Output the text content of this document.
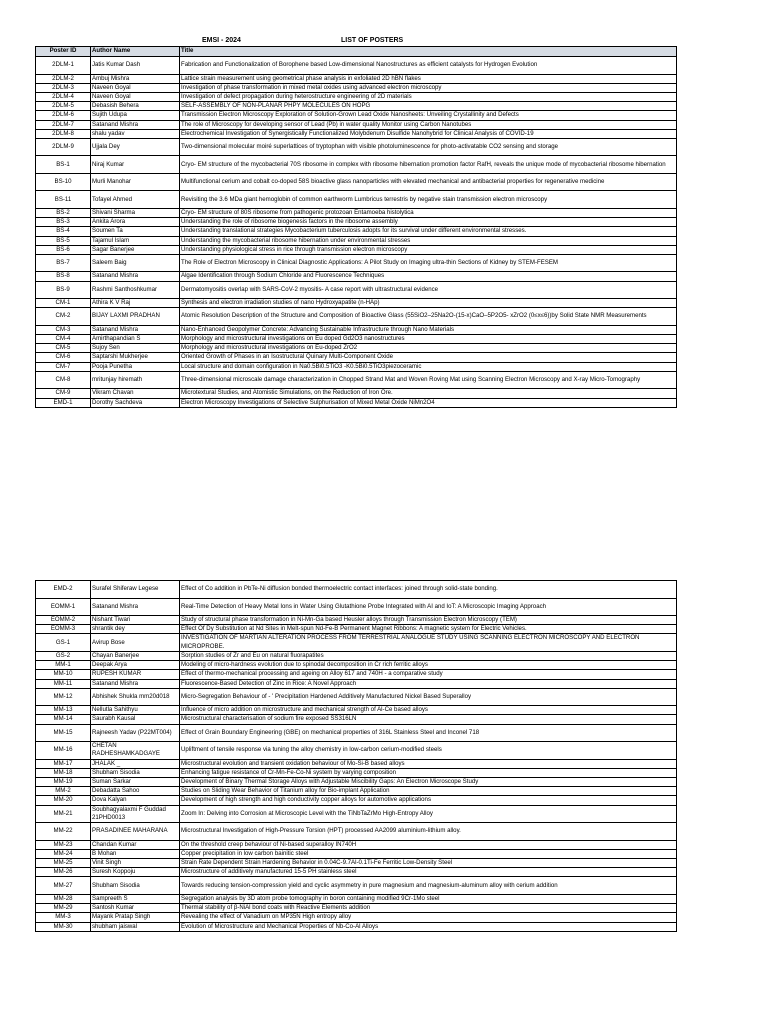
EMSI - 2024	LIST OF POSTERS
Poster ID	Author Name	Title
2DLM-1	Jatis Kumar Dash	Fabrication and Functionalization of Borophene based Low-dimensional Nanostructures as efficient catalysts for Hydrogen Evolution
2DLM-2	Ambuj Mishra	Lattice strain measurement using geometrical phase analysis in exfoliated 2D hBN flakes
2DLM-3	Naveen Goyal	Investigation of phase transformation in mixed metal oxides using advanced electron microscopy
2DLM-4	Naveen Goyal	Investigation of defect propagation during heterostructure engineering of 2D materials
2DLM-5	Debasish Behera	SELF-ASSEMBLY OF NON-PLANAR PHPY MOLECULES ON HOPG
2DLM-6	Sujith Udupa	Transmission Electron Microscopy Exploration of Solution-Grown Lead Oxide Nanosheets: Unveiling Crystallinity and Defects
2DLM-7	Satanand Mishra	The role of Microscopy for developing sensor of Lead (Pb) in water quality Monitor using Carbon Nanotubes
2DLM-8	shalu yadav	Electrochemical Investigation of Synergistically Functionalized Molybdenum Disulfide Nanohybrid for Clinical Analysis of COVID-19
2DLM-9	Ujjala Dey	Two-dimensional molecular moiré superlattices of tryptophan with visible photoluminescence for photo-activatable CO2 sensing and storage
BS-1	Niraj Kumar	Cryo- EM structure of the mycobacterial 70S ribosome in complex with ribosome hibernation promotion factor RafH, reveals the unique mode of mycobacterial ribosome hibernation
BS-10	Murli Manohar	Multifunctional cerium and cobalt co-doped 58S bioactive glass nanoparticles with elevated mechanical and antibacterial properties for regenerative medicine
BS-11	Tofayel Ahmed	Revisiting the 3.6 MDa giant hemoglobin of common earthworm Lumbricus terrestris by negative stain transmission electron microscopy
BS-2	Shivani Sharma	Cryo- EM structure of 80S ribosome from pathogenic protozoan Entamoeba histolytica
BS-3	Ankita Arora	Understanding the role of ribosome biogenesis factors in the ribosome assembly
BS-4	Soumen Ta	Understanding translational strategies Mycobacterium tuberculosis adopts for its survival under different environmental stresses.
BS-5	Tajamul Islam	Understanding the mycobacterial ribosome hibernation under environmental stresses
BS-6	Sagar Banerjee	Understanding physiological stress in rice through transmission electron microscopy
BS-7	Saleem Baig	The Role of Electron Microscopy in Clinical Diagnostic Applications: A Pilot Study on Imaging ultra-thin Sections of Kidney by STEM-FESEM
BS-8	Satanand Mishra	Algae Identification through Sodium Chloride and Fluorescence Techniques
BS-9	Rashmi Santhoshkumar	Dermatomyositis overlap with SARS-CoV-2 myositis- A case report with ultrastructural evidence
CM-1	Athira K V Raj	Synthesis and electron irradiation studies of nano Hydroxyapatite (n-HAp)
CM-2	BIJAY LAXMI PRADHAN	Atomic Resolution Description of the Structure and Composition of Bioactive Glass (55SiO2–25Na2O-(15-x)CaO–5P2O5- xZrO2 (0≤x≤6))by Solid State NMR Measurements
CM-3	Satanand Mishra	Nano-Enhanced Geopolymer Concrete: Advancing Sustainable Infrastructure through Nano Materials
CM-4	Amirthapandian S	Morphology and microstructural investigations on Eu doped Gd2O3 nanostructures
CM-5	Sujoy Sen	Morphology and microstructural investigations on Eu-doped ZrO2
CM-6	Saptarshi Mukherjee	Oriented Growth of Phases in an Isostructural Quinary Multi-Component Oxide
CM-7	Pooja Punetha	Local structure and domain configuration in Na0.5Bi0.5TiO3 -K0.5Bi0.5TiO3piezoceramic
CM-8	mritunjay hiremath	Three-dimensional microscale damage characterization in Chopped Strand Mat and Woven Roving Mat using Scanning Electron Microscopy and X-ray Micro-Tomography
CM-9	Vikram Chavan	Microtextural Studies, and Atomistic Simulations, on the Reduction of Iron Ore.
EMD-1	Dorothy Sachdeva	Electron Microscopy Investigations of Selective Sulphurisation of Mixed Metal Oxide NiMn2O4
EMD-2	Surafel Shiferaw Legese	Effect of Co addition in PbTe-Ni diffusion bonded thermoelectric contact interfaces: joined through solid-state bonding.
EOMM-1	Satanand Mishra	Real-Time Detection of Heavy Metal Ions in Water Using Glutathione Probe Integrated with AI and IoT: A Microscopic Imaging Approach
EOMM-2	Nishant Tiwari	Study of structural phase transformation in Ni-Mn-Ga based Heusler alloys through Transmission Electron Microscopy (TEM)
EOMM-3	shrantik dey	Effect Of Dy Substitution at Nd Sites in Melt-spun Nd-Fe-B Permanent Magnet Ribbons: A magnetic system for Electric Vehicles.
GS-1	Avirup Bose	INVESTIGATION OF MARTIAN ALTERATION PROCESS FROM TERRESTRIAL ANALOGUE STUDY USING SCANNING ELECTRON MICROSCOPY AND ELECTRON MICROPROBE.
GS-2	Chayan Banerjee	Sorption studies of Zr and Eu on natural fluorapatites
MM-1	Deepak Arya	Modeling of micro-hardness evolution due to spinodal decomposition in Cr rich ferritic alloys
MM-10	RUPESH KUMAR	Effect of thermo-mechanical processing and ageing on Alloy 617 and 740H - a comparative study
MM-11	Satanand Mishra	Fluorescence-Based Detection of Zinc in Rice: A Novel Approach
MM-12	Abhishek Shukla mm20d018	Micro-Segregation Behaviour of - ' Precipitation Hardened Additively Manufactured Nickel Based Superalloy
MM-13	Nellutla Sahithyu	Influence of micro addition on microstructure and mechanical strength of Al-Ce based alloys
MM-14	Saurabh Kausal	Microstructural characterisation of sodium fire exposed SS316LN
MM-15	Rajneesh Yadav (P22MT004)	Effect of Grain Boundary Engineering (GBE) on mechanical properties of 316L Stainless Steel and Inconel 718
MM-16	CHETAN RADHESHAMKADGAYE	Upliftment of tensile response via tuning the alloy chemistry in low-carbon cerium-modified steels
MM-17	JHALAK _	Microstructural evolution and transient oxidation behaviour of Mo-Si-B based alloys
MM-18	Shubham Sisodia	Enhancing fatigue resistance of Cr-Mn-Fe-Co-Ni system by varying composition
MM-19	Suman Sarkar	Development of Binary Thermal Storage Alloys with Adjustable Miscibility Gaps: An Electron Microscope Study
MM-2	Debadatta Sahoo	Studies on Sliding Wear Behavior of Titanium alloy for Bio-implant Application
MM-20	Dova Kalyan	Development of high strength and high conductivity copper alloys for automotive applications
MM-21	Soubhagyalaxmi F Guddad 21PHD0013	Zoom In: Delving into Corrosion at Microscopic Level with the TiNbTaZrMo High-Entropy Alloy
MM-22	PRASADINEE MAHARANA	Microstructural Investigation of High-Pressure Torsion (HPT) processed AA2099 aluminium-lithium alloy.
MM-23	Chandan Kumar	On the threshold creep behaviour of Ni-based superalloy IN740H
MM-24	B Mohan	Copper precipitation in low carbon bainitic steel
MM-25	Vinit Singh	Strain Rate Dependent Strain Hardening Behavior in 0.04C-9.7Al-0.1Ti-Fe Ferritic Low-Density Steel
MM-26	Suresh Koppoju	Microstructure of additively manufactured 15-5 PH stainless steel
MM-27	Shubham Sisodia	Towards reducing tension-compression yield and cyclic asymmetry in pure magnesium and magnesium-aluminum alloy with cerium addition
MM-28	Sampreeth S	Segregation analysis by 3D atom probe tomography in boron containing modified 9Cr-1Mo steel
MM-29	Santosh Kumar	Thermal stability of β-NiAl bond coats with Reactive Elements addition
MM-3	Mayank Pratap Singh	Revealing the effect of Vanadium on MP35N High entropy alloy
MM-30	shubham jaiswal	Evolution of Microstructure and Mechanical Properties of Nb-Co-Al Alloys
